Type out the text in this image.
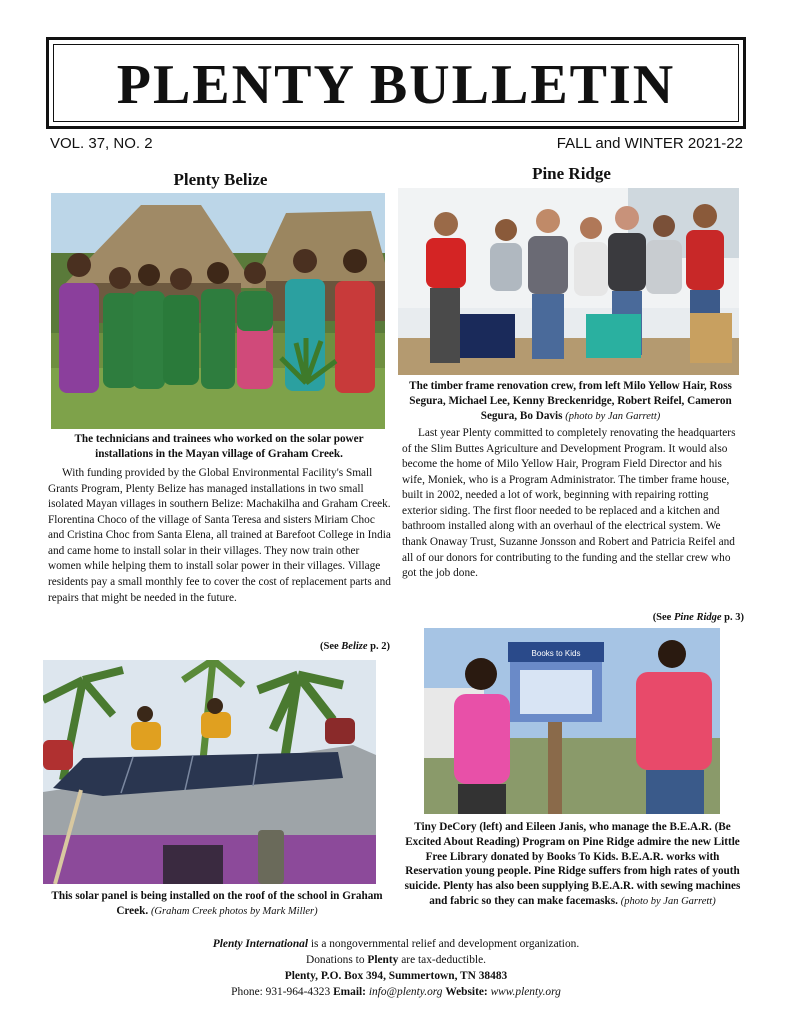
PLENTY BULLETIN
VOL. 37, NO. 2	FALL and WINTER 2021-22
Plenty Belize
The technicians and trainees who worked on the solar power installations in the Mayan village of Graham Creek.
With funding provided by the Global Environmental Facility's Small Grants Program, Plenty Belize has managed installations in two small isolated Mayan villages in southern Belize: Machakilha and Graham Creek. Florentina Choco of the village of Santa Teresa and sisters Miriam Choc and Cristina Choc from Santa Elena, all trained at Barefoot College in India and came home to install solar in their villages. They now train other women while helping them to install solar power in their villages. Village residents pay a small monthly fee to cover the cost of replacement parts and repairs that might be needed in the future.
(See Belize p. 2)
This solar panel is being installed on the roof of the school in Graham Creek. (Graham Creek photos by Mark Miller)
Pine Ridge
The timber frame renovation crew, from left Milo Yellow Hair, Ross Segura, Michael Lee, Kenny Breckenridge, Robert Reifel, Cameron Segura, Bo Davis (photo by Jan Garrett)
Last year Plenty committed to completely renovating the headquarters of the Slim Buttes Agriculture and Development Program. It would also become the home of Milo Yellow Hair, Program Field Director and his wife, Moniek, who is a Program Administrator. The timber frame house, built in 2002, needed a lot of work, beginning with repairing rotting exterior siding. The first floor needed to be replaced and a kitchen and bathroom installed along with an overhaul of the electrical system. We thank Onaway Trust, Suzanne Jonsson and Robert and Patricia Reifel and all of our donors for contributing to the funding and the stellar crew who got the job done.
(See Pine Ridge p. 3)
Books to Kids
Tiny DeCory (left) and Eileen Janis, who manage the B.E.A.R. (Be Excited About Reading) Program on Pine Ridge admire the new Little Free Library donated by Books To Kids. B.E.A.R. works with Reservation young people. Pine Ridge suffers from high rates of youth suicide. Plenty has also been supplying B.E.A.R. with sewing machines and fabric so they can make facemasks. (photo by Jan Garrett)
Plenty International is a nongovernmental relief and development organization.
Donations to Plenty are tax-deductible.
Plenty, P.O. Box 394, Summertown, TN 38483
Phone: 931-964-4323 Email: info@plenty.org Website: www.plenty.org
